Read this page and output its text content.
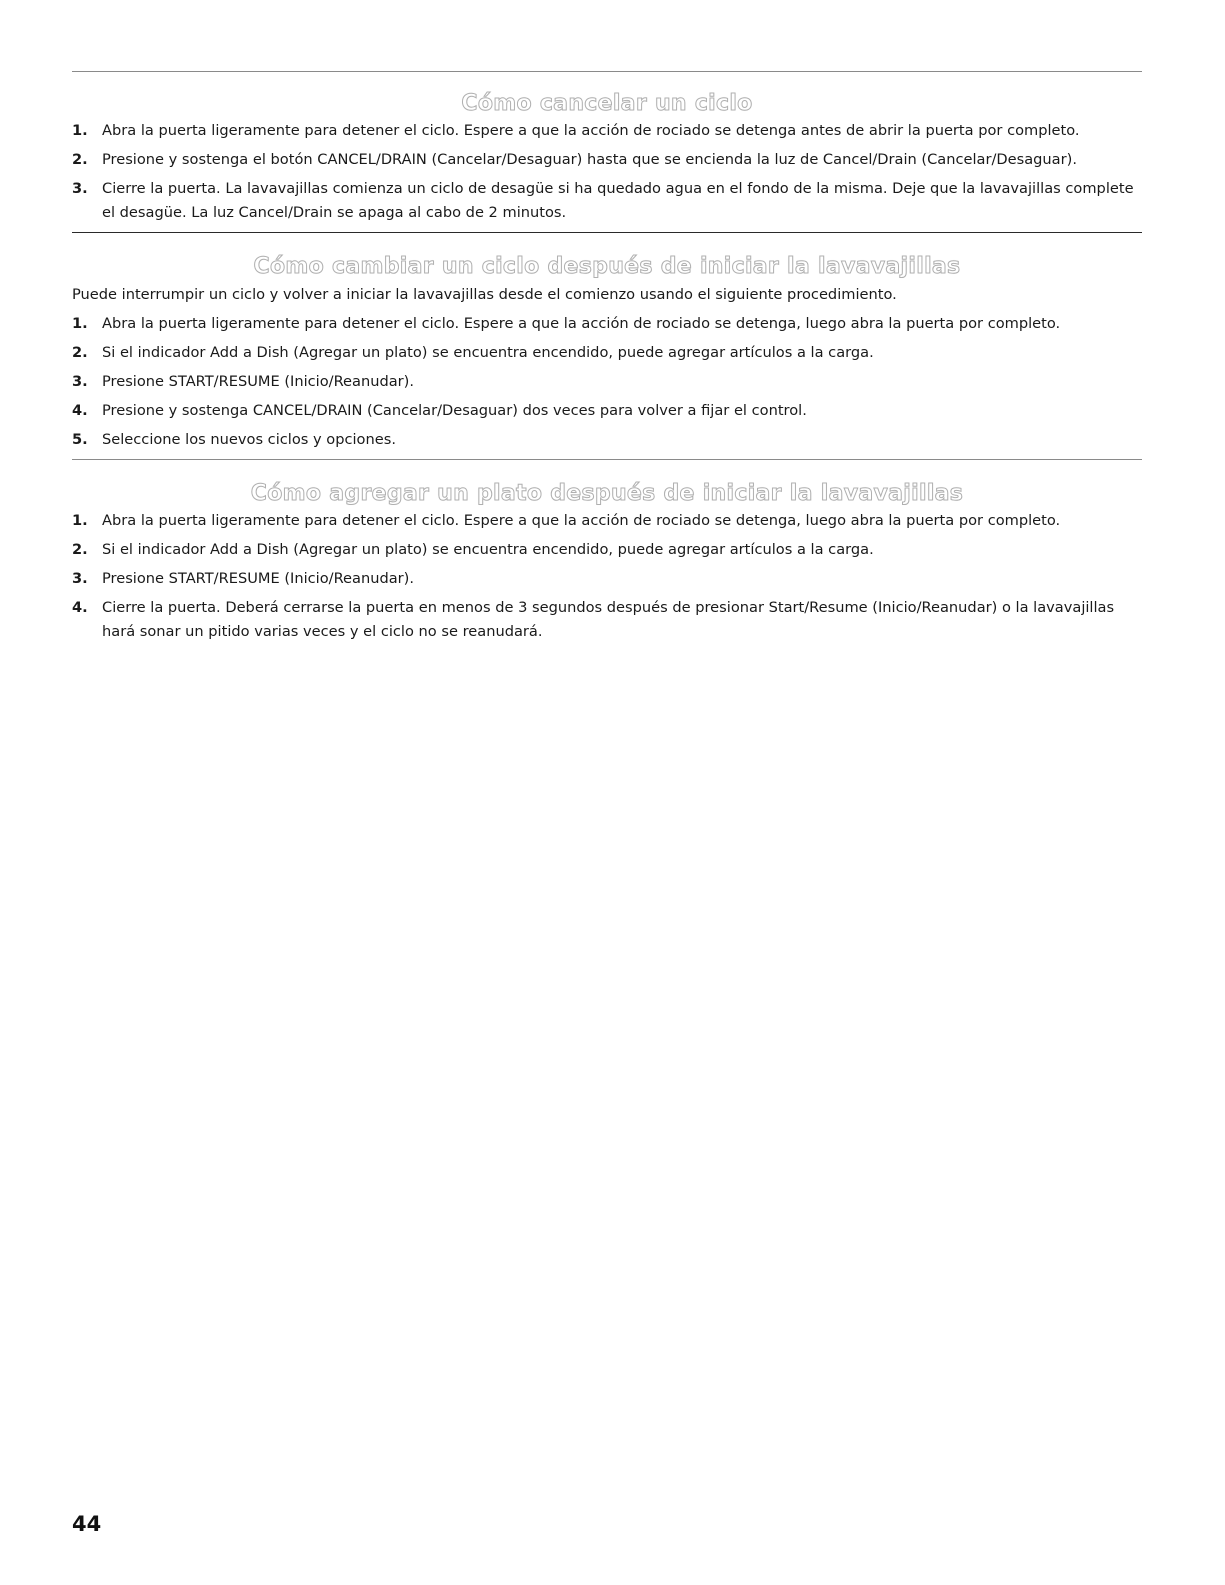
Cómo cancelar un ciclo
1. Abra la puerta ligeramente para detener el ciclo. Espere a que la acción de rociado se detenga antes de abrir la puerta por completo.
2. Presione y sostenga el botón CANCEL/DRAIN (Cancelar/Desaguar) hasta que se encienda la luz de Cancel/Drain (Cancelar/Desaguar).
3. Cierre la puerta. La lavavajillas comienza un ciclo de desagüe si ha quedado agua en el fondo de la misma. Deje que la lavavajillas complete el desagüe. La luz Cancel/Drain se apaga al cabo de 2 minutos.
Cómo cambiar un ciclo después de iniciar la lavavajillas

Puede interrumpir un ciclo y volver a iniciar la lavavajillas desde el comienzo usando el siguiente procedimiento.

1. Abra la puerta ligeramente para detener el ciclo. Espere a que la acción de rociado se detenga, luego abra la puerta por completo.
2. Si el indicador Add a Dish (Agregar un plato) se encuentra encendido, puede agregar artículos a la carga.
3. Presione START/RESUME (Inicio/Reanudar).
4. Presione y sostenga CANCEL/DRAIN (Cancelar/Desaguar) dos veces para volver a fijar el control.
5. Seleccione los nuevos ciclos y opciones.
Cómo agregar un plato después de iniciar la lavavajillas
1. Abra la puerta ligeramente para detener el ciclo. Espere a que la acción de rociado se detenga, luego abra la puerta por completo.
2. Si el indicador Add a Dish (Agregar un plato) se encuentra encendido, puede agregar artículos a la carga.
3. Presione START/RESUME (Inicio/Reanudar).
4. Cierre la puerta. Deberá cerrarse la puerta en menos de 3 segundos después de presionar Start/Resume (Inicio/Reanudar) o la lavavajillas hará sonar un pitido varias veces y el ciclo no se reanudará.
44
